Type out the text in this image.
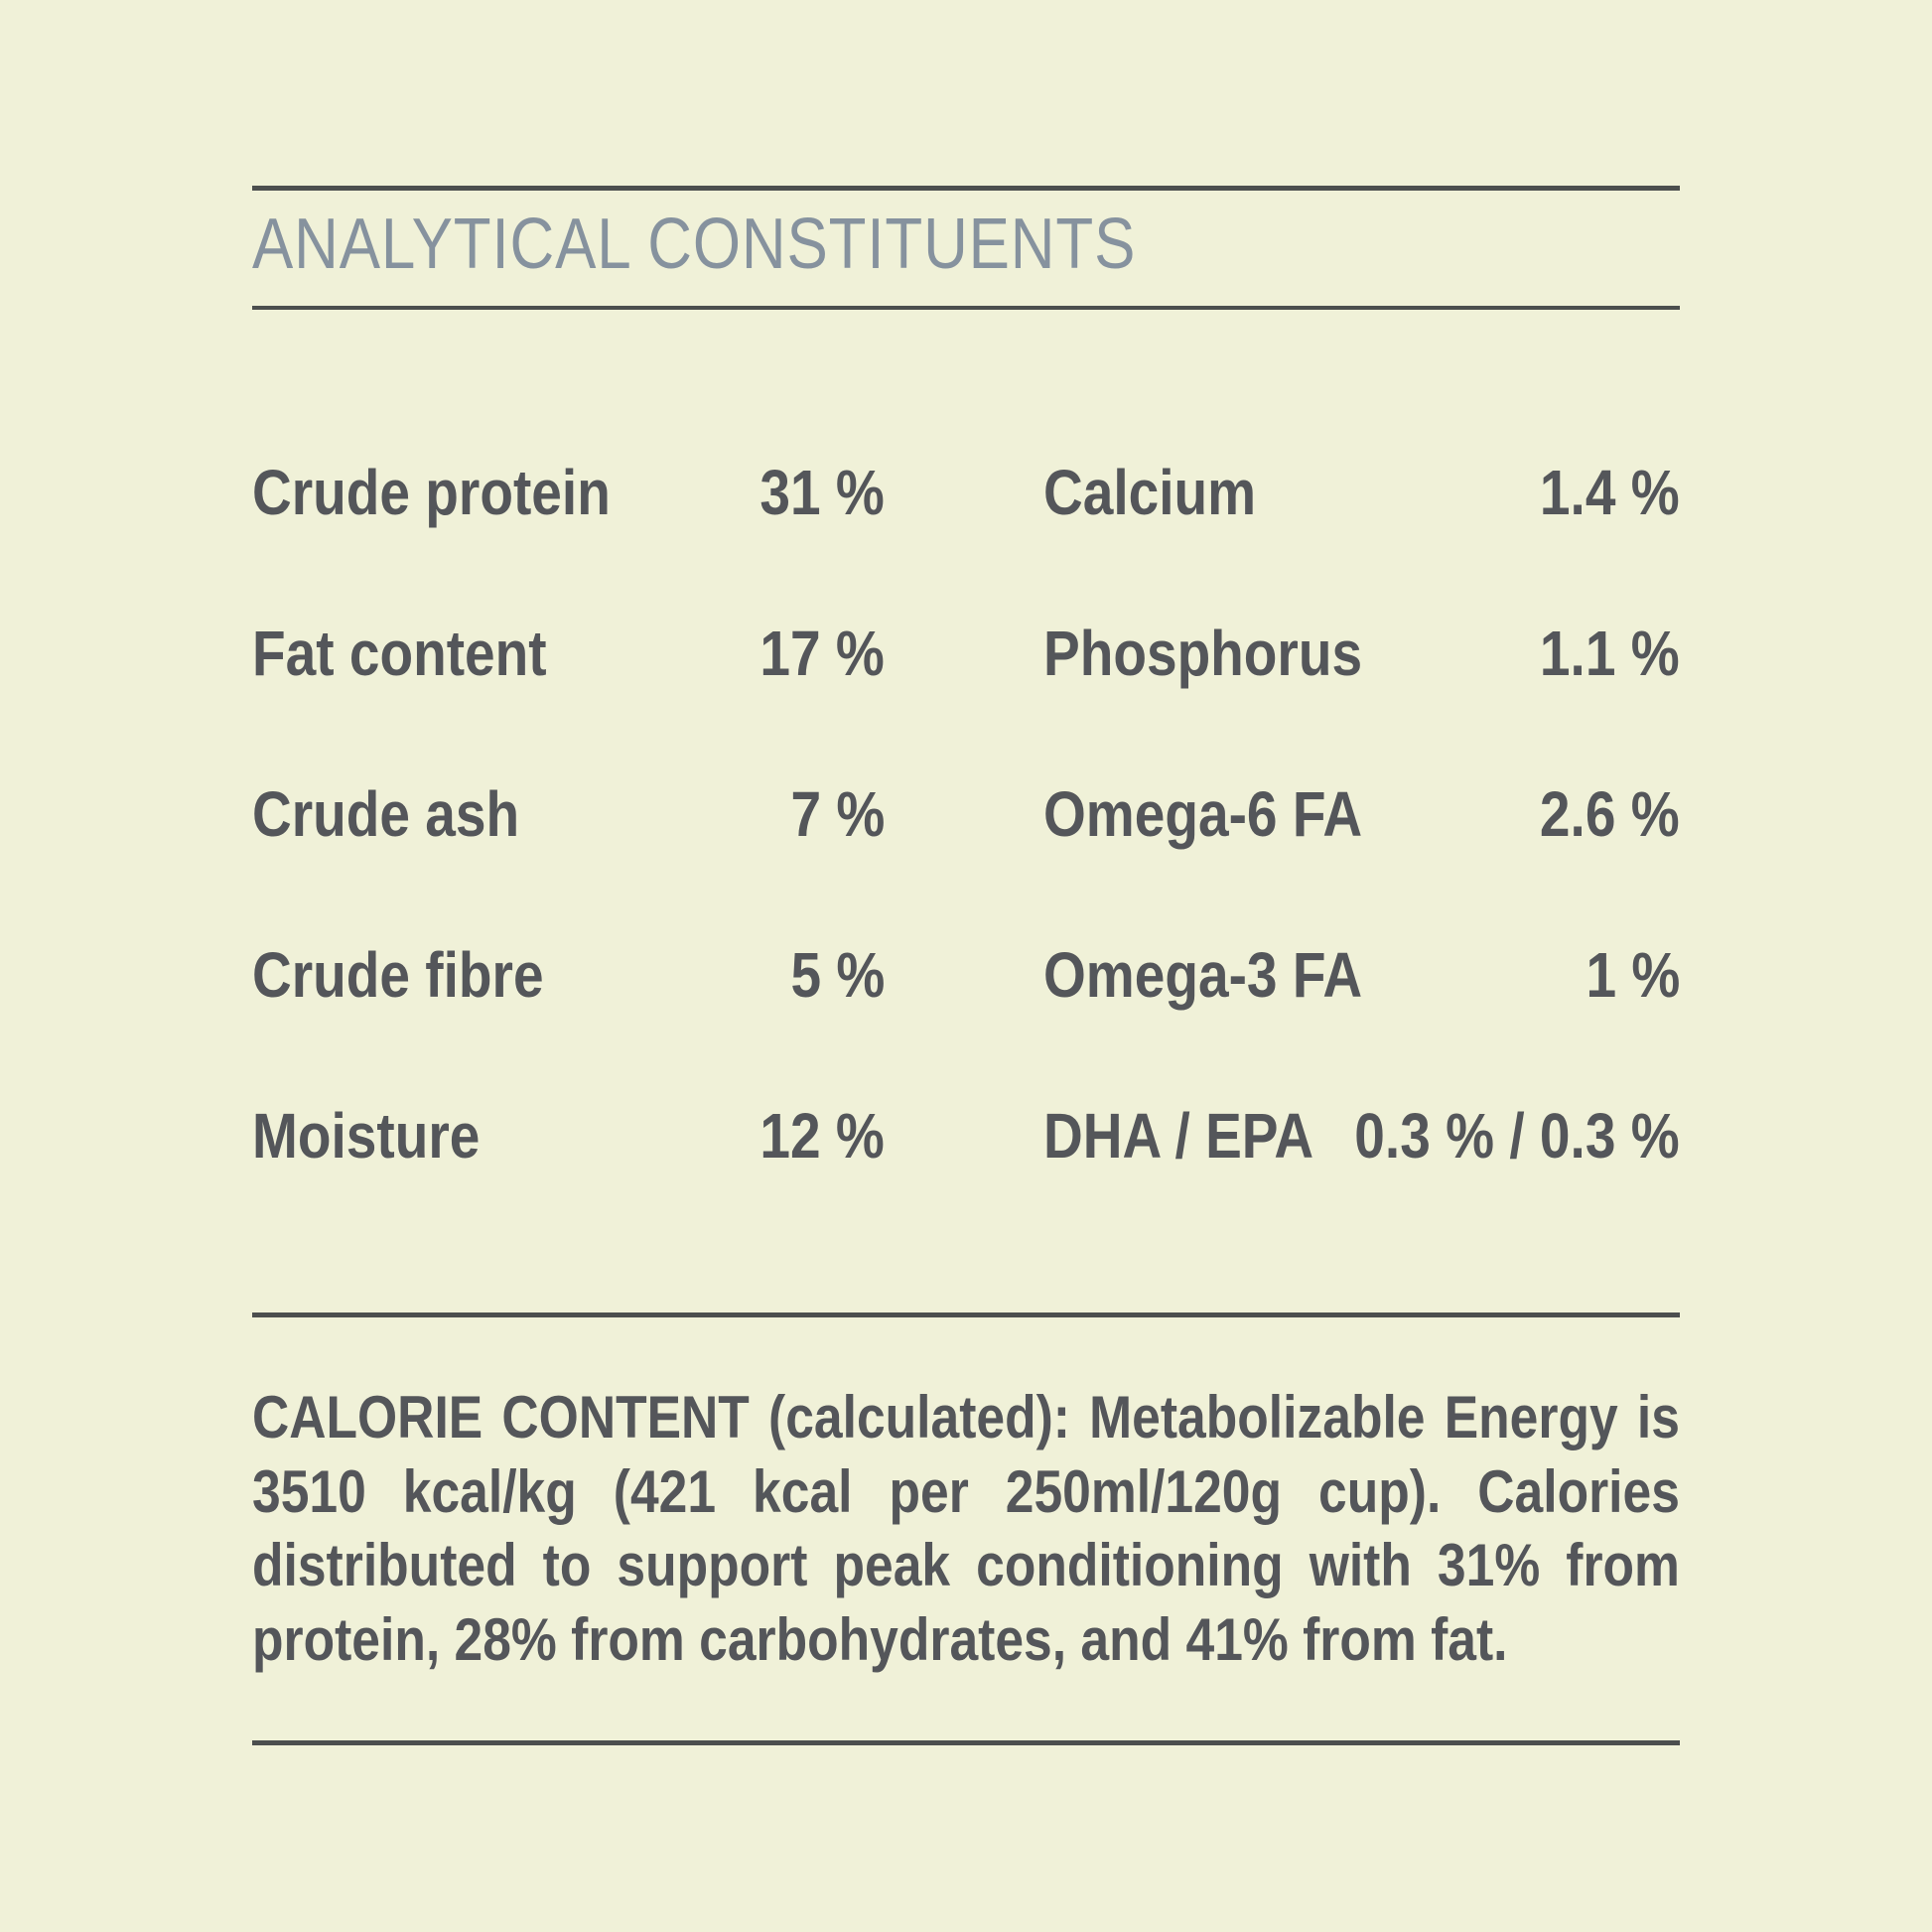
ANALYTICAL CONSTITUENTS
Crude protein 31 %	Calcium	1.4 %
Fat content	17 %	Phosphorus	1.1 %
Crude ash	7 %	Omega-6 FA	2.6 %
Crude fibre	5 %	Omega-3 FA	1 %
Moisture	12 %	DHA / EPA 0.3 % / 0.3 %
CALORIE CONTENT (calculated): Metabolizable Energy is
3510 kcal/kg (421 kcal per 250ml/120g cup). Calories
distributed to support peak conditioning with 31% from
protein, 28% from carbohydrates, and 41% from fat.
